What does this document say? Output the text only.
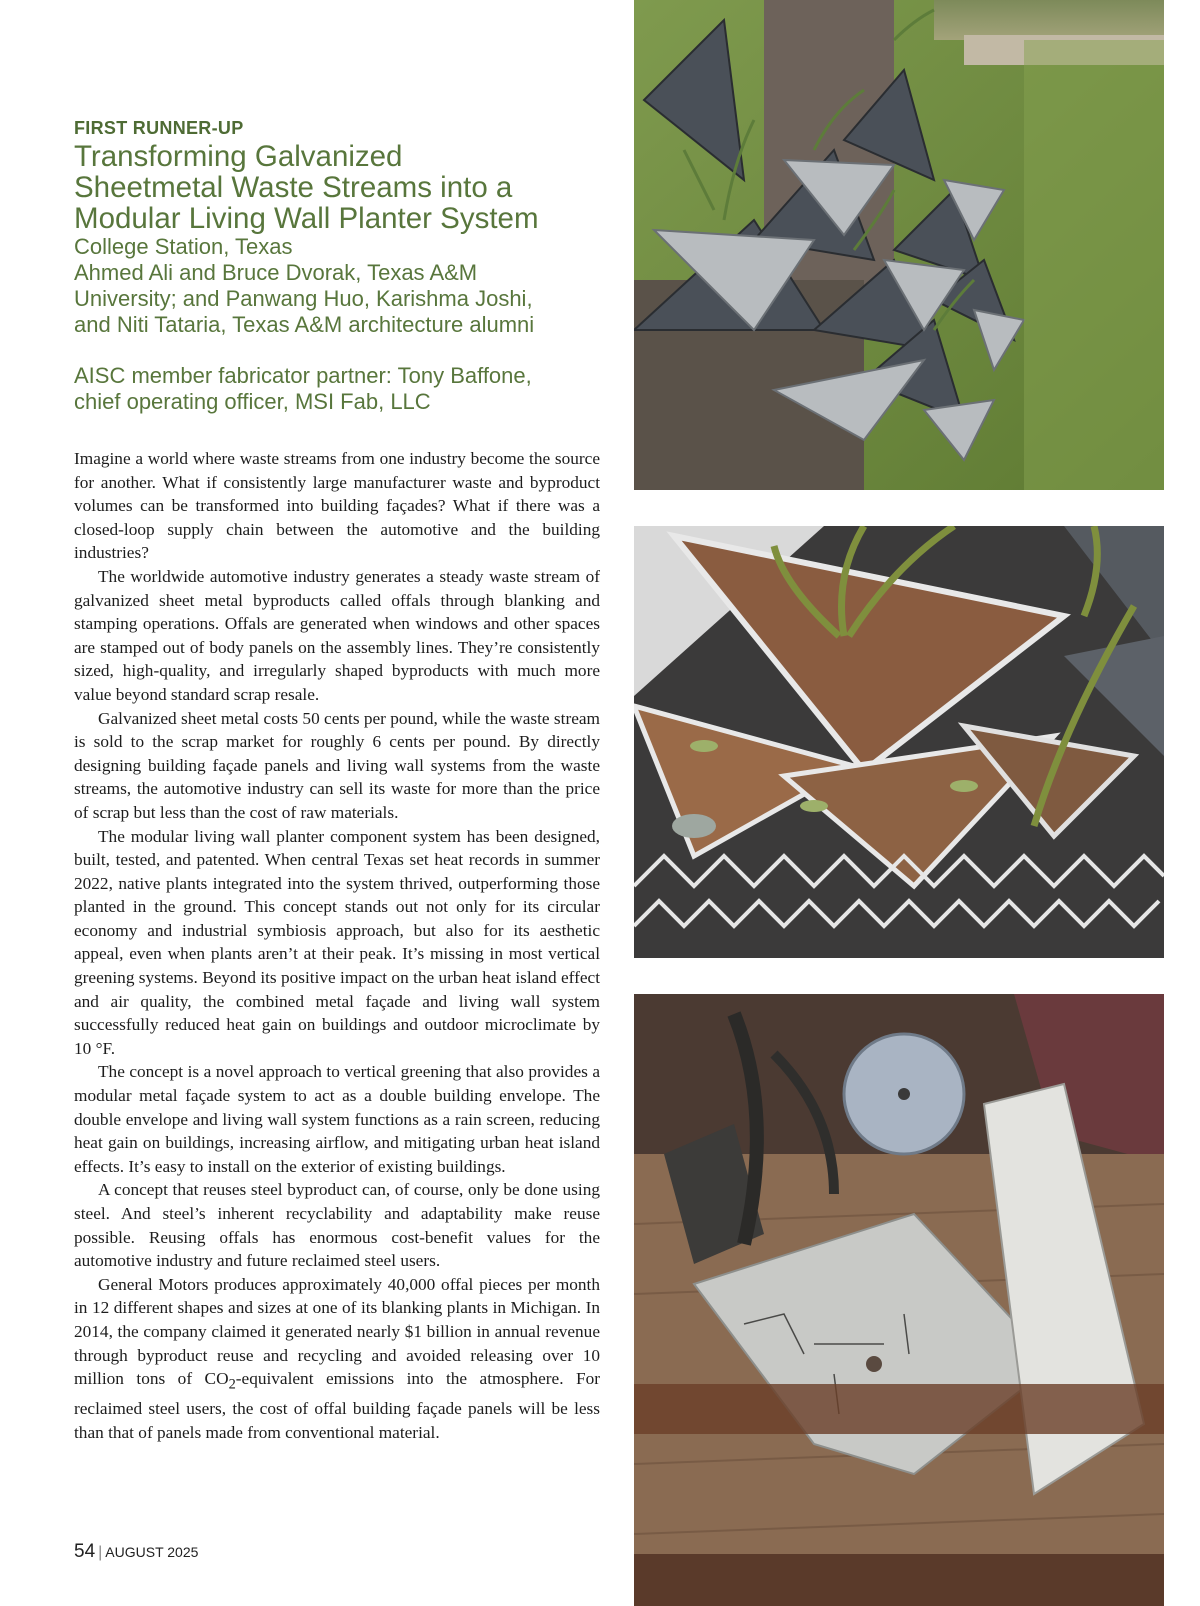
FIRST RUNNER-UP
Transforming Galvanized
Sheetmetal Waste Streams into a
Modular Living Wall Planter System
College Station, Texas
Ahmed Ali and Bruce Dvorak, Texas A&M
University; and Panwang Huo, Karishma Joshi,
and Niti Tataria, Texas A&M architecture alumni
AISC member fabricator partner: Tony Baffone,
chief operating officer, MSI Fab, LLC

Imagine a world where waste streams from one industry become the source for another. What if consistently large manufacturer waste and byproduct volumes can be transformed into building façades? What if there was a closed-loop supply chain between the automotive and the building industries?

The worldwide automotive industry generates a steady waste stream of galvanized sheet metal byproducts called offals through blanking and stamping operations. Offals are generated when windows and other spaces are stamped out of body panels on the assembly lines. They’re consistently sized, high-quality, and irregularly shaped byproducts with much more value beyond standard scrap resale.

Galvanized sheet metal costs 50 cents per pound, while the waste stream is sold to the scrap market for roughly 6 cents per pound. By directly designing building façade panels and living wall systems from the waste streams, the automotive industry can sell its waste for more than the price of scrap but less than the cost of raw materials.

The modular living wall planter component system has been designed, built, tested, and patented. When central Texas set heat records in summer 2022, native plants integrated into the system thrived, outperforming those planted in the ground. This concept stands out not only for its circular economy and industrial symbiosis approach, but also for its aesthetic appeal, even when plants aren’t at their peak. It’s missing in most vertical greening systems. Beyond its positive impact on the urban heat island effect and air quality, the combined metal façade and living wall system successfully reduced heat gain on buildings and outdoor microclimate by 10 °F.

The concept is a novel approach to vertical greening that also provides a modular metal façade system to act as a double building envelope. The double envelope and living wall system functions as a rain screen, reducing heat gain on buildings, increasing airflow, and mitigating urban heat island effects. It’s easy to install on the exterior of existing buildings.

A concept that reuses steel byproduct can, of course, only be done using steel. And steel’s inherent recyclability and adaptability make reuse possible. Reusing offals has enormous cost-benefit values for the automotive industry and future reclaimed steel users.

General Motors produces approximately 40,000 offal pieces per month in 12 different shapes and sizes at one of its blanking plants in Michigan. In 2014, the company claimed it generated nearly $1 billion in annual revenue through byproduct reuse and recycling and avoided releasing over 10 million tons of $CO_2$-equivalent emissions into the atmosphere. For reclaimed steel users, the cost of offal building façade panels will be less than that of panels made from conventional material.

54 | AUGUST 2025
